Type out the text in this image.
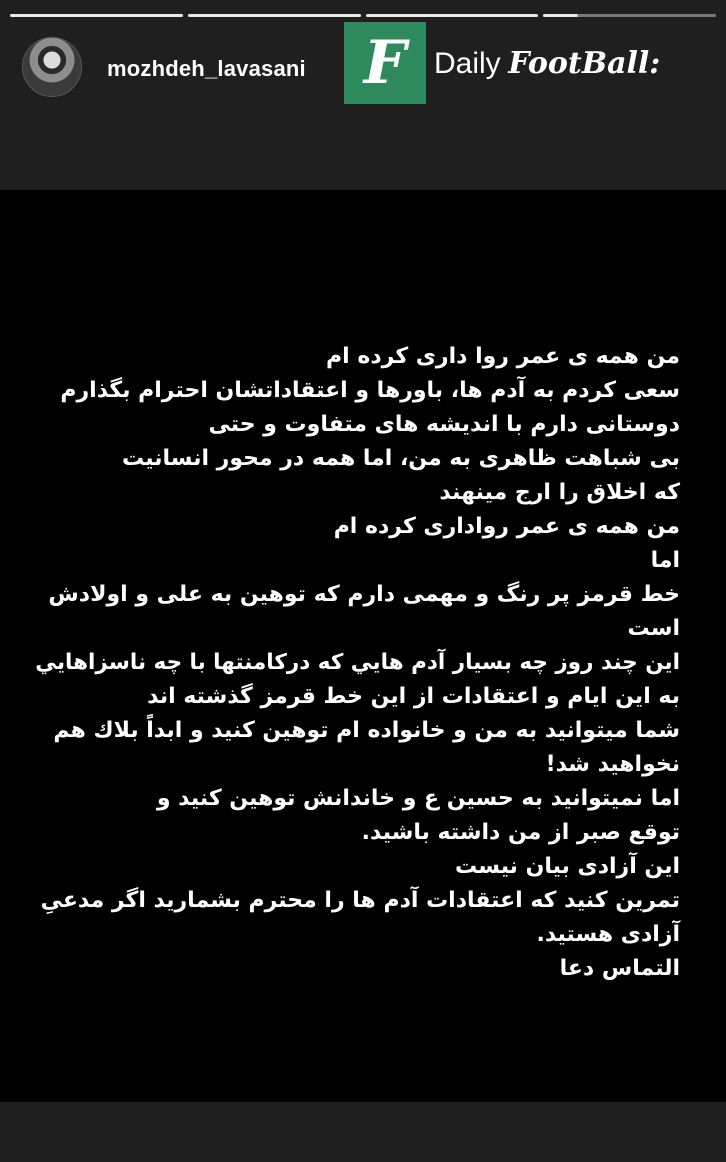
mozhdeh_lavasani F Daily FootBall:
من همه ی عمر روا داری کرده ام
سعی کردم به آدم ها، باورها و اعتقاداتشان احترام بگذارم
دوستانی دارم با اندیشه های متفاوت و حتی
بی شباهت ظاهری به من، اما همه در محور انسانیت
که اخلاق را ارج مینهند
من همه ی عمر رواداری کرده ام
اما
خط قرمز پر رنگ و مهمی دارم که توهین به علی و اولادش
است
این چند روز چه بسیار آدم هایي که درکامنتها با چه ناسزاهایي
به این ایام و اعتقادات از این خط قرمز گذشته اند
شما میتوانید به من و خانواده ام توهین کنید و ابداً بلاك هم
نخواهید شد!
اما نمیتوانید به حسین ع و خاندانش توهین کنید و
توقع صبر از من داشته باشید.
این آزادی بیان نیست
تمرین کنید که اعتقادات آدم ها را محترم بشمارید اگر مدعیِ
آزادی هستید.
التماس دعا
